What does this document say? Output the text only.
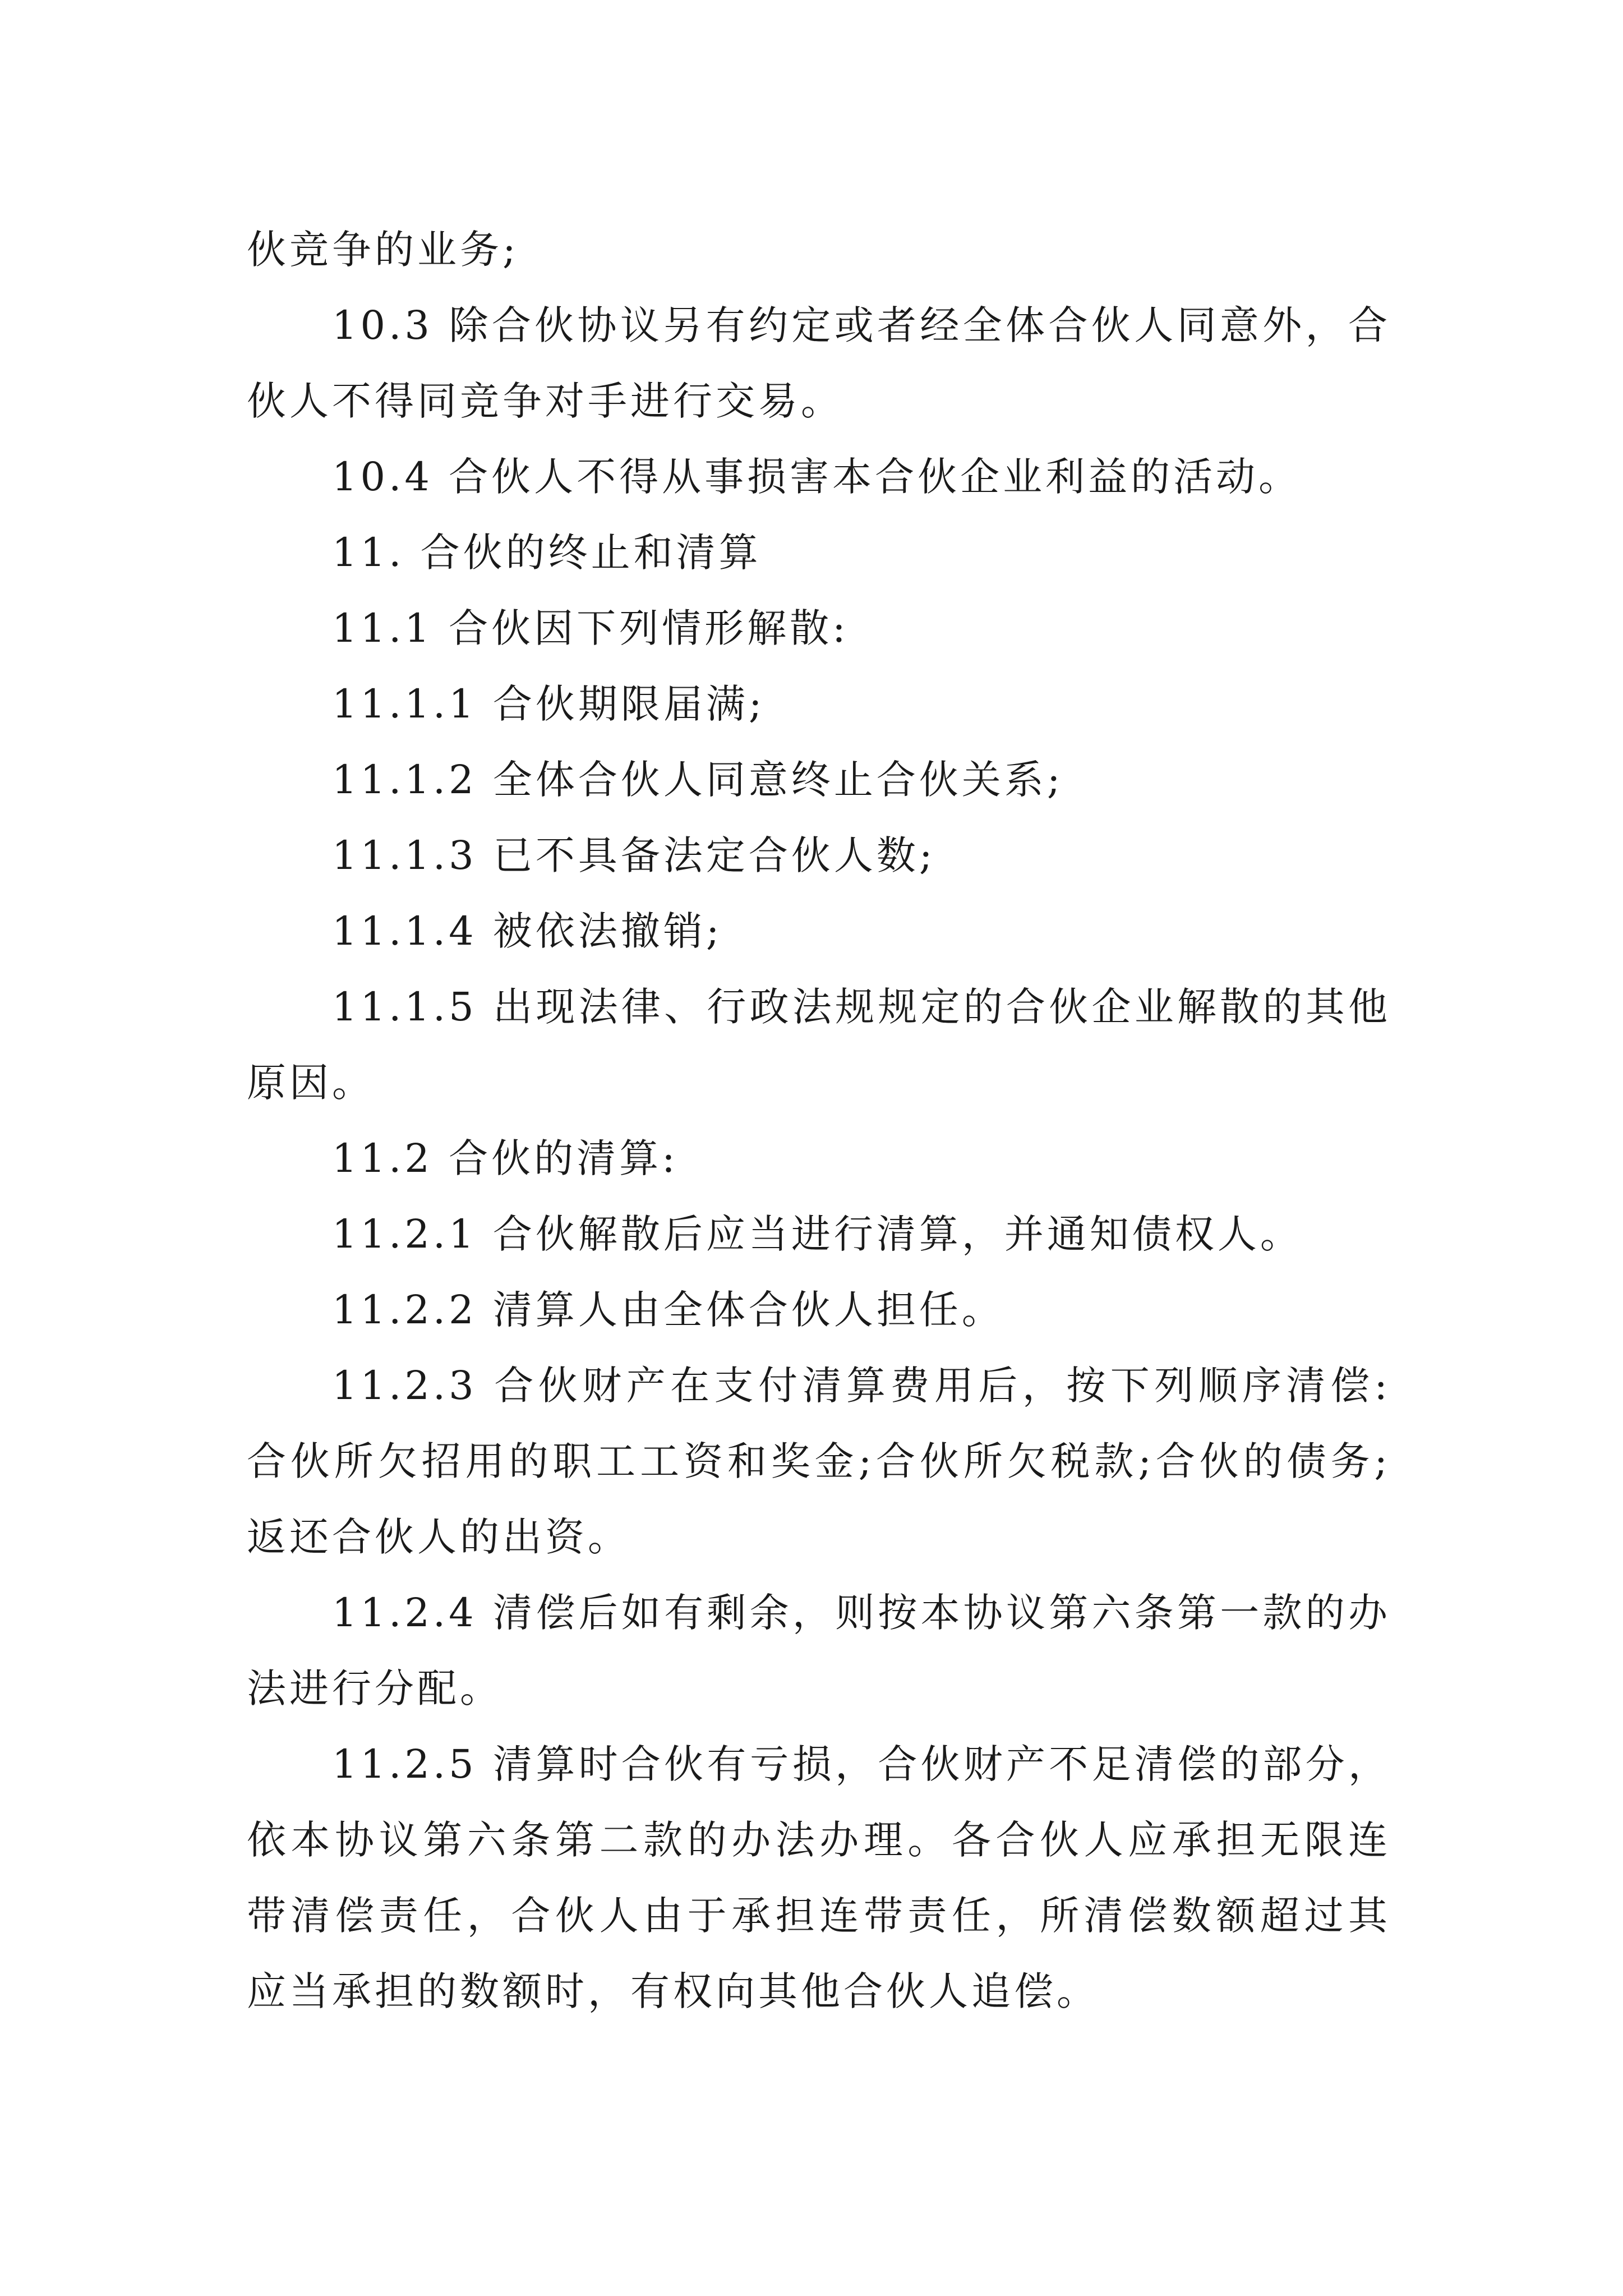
伙竞争的业务;

10.3 除合伙协议另有约定或者经全体合伙人同意外，合伙人不得同竞争对手进行交易。

10.4 合伙人不得从事损害本合伙企业利益的活动。

11. 合伙的终止和清算

11.1 合伙因下列情形解散:

11.1.1 合伙期限届满;

11.1.2 全体合伙人同意终止合伙关系;

11.1.3 已不具备法定合伙人数;

11.1.4 被依法撤销;

11.1.5 出现法律、行政法规规定的合伙企业解散的其他原因。

11.2 合伙的清算:

11.2.1 合伙解散后应当进行清算，并通知债权人。

11.2.2 清算人由全体合伙人担任。

11.2.3 合伙财产在支付清算费用后，按下列顺序清偿:合伙所欠招用的职工工资和奖金;合伙所欠税款;合伙的债务;返还合伙人的出资。

11.2.4 清偿后如有剩余，则按本协议第六条第一款的办法进行分配。

11.2.5 清算时合伙有亏损，合伙财产不足清偿的部分，依本协议第六条第二款的办法办理。各合伙人应承担无限连带清偿责任，合伙人由于承担连带责任，所清偿数额超过其应当承担的数额时，有权向其他合伙人追偿。
